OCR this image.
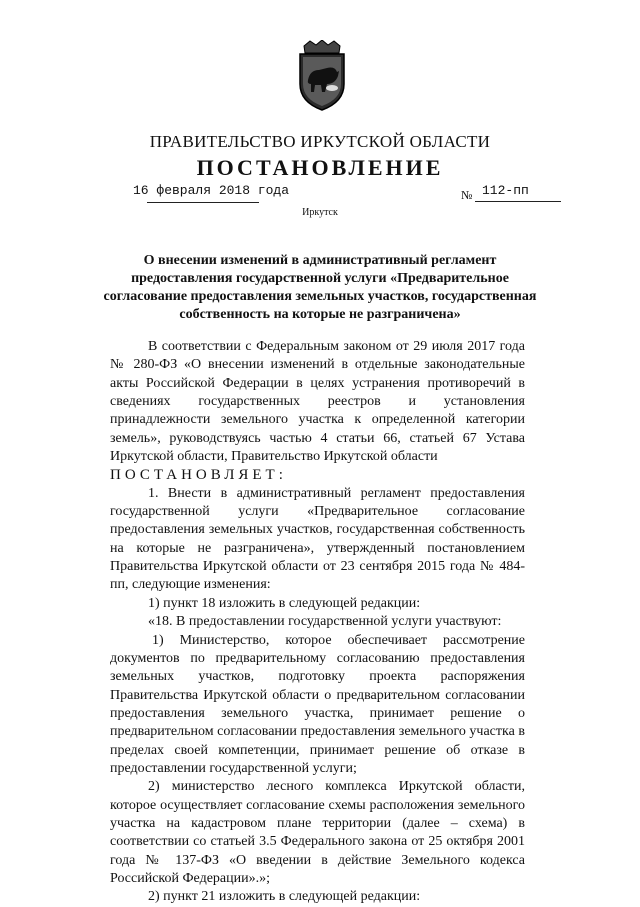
ПРАВИТЕЛЬСТВО ИРКУТСКОЙ ОБЛАСТИ
ПОСТАНОВЛЕНИЕ
16 февраля 2018 года	№ 112-пп
Иркутск
О внесении изменений в административный регламент предоставления государственной услуги «Предварительное согласование предоставления земельных участков, государственная собственность на которые не разграничена»

В соответствии с Федеральным законом от 29 июля 2017 года № 280-ФЗ «О внесении изменений в отдельные законодательные акты Российской Федерации в целях устранения противоречий в сведениях государственных реестров и установления принадлежности земельного участка к определенной категории земель», руководствуясь частью 4 статьи 66, статьей 67 Устава Иркутской области, Правительство Иркутской области

ПОСТАНОВЛЯЕТ:

1. Внести в административный регламент предоставления государственной услуги «Предварительное согласование предоставления земельных участков, государственная собственность на которые не разграничена», утвержденный постановлением Правительства Иркутской области от 23 сентября 2015 года № 484-пп, следующие изменения:

1) пункт 18 изложить в следующей редакции:

«18. В предоставлении государственной услуги участвуют:

1) Министерство, которое обеспечивает рассмотрение документов по предварительному согласованию предоставления земельных участков, подготовку проекта распоряжения Правительства Иркутской области о предварительном согласовании предоставления земельного участка, принимает решение о предварительном согласовании предоставления земельного участка в пределах своей компетенции, принимает решение об отказе в предоставлении государственной услуги;

2) министерство лесного комплекса Иркутской области, которое осуществляет согласование схемы расположения земельного участка на кадастровом плане территории (далее – схема) в соответствии со статьей 3.5 Федерального закона от 25 октября 2001 года № 137-ФЗ «О введении в действие Земельного кодекса Российской Федерации».»;

2) пункт 21 изложить в следующей редакции:
